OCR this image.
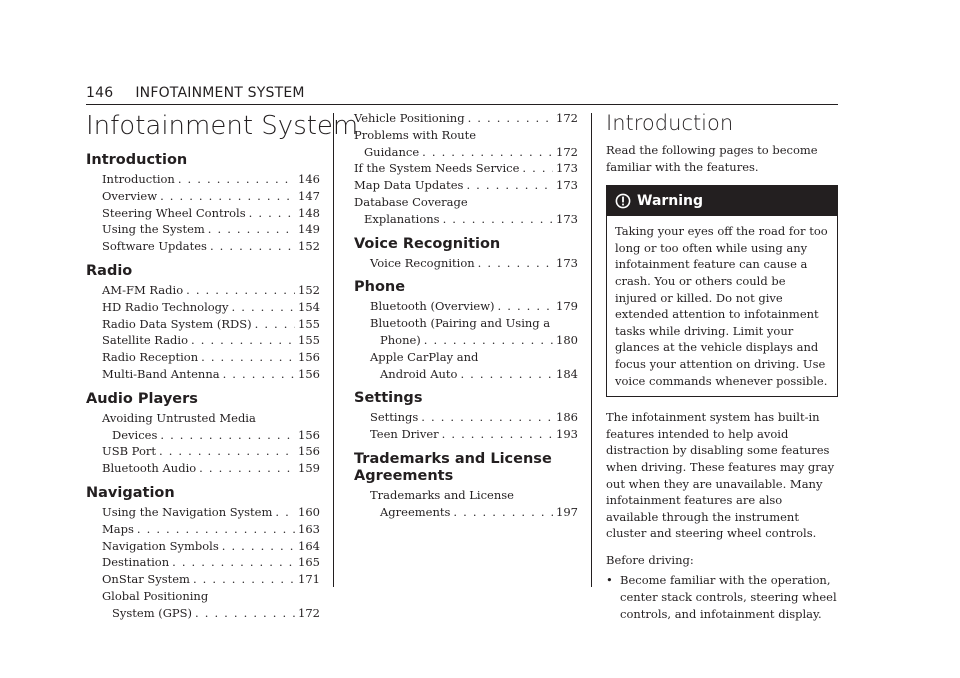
146 INFOTAINMENT SYSTEM
Infotainment System
Introduction
Introduction . . .	146
Overview . . .	147
Steering Wheel Controls . . .	148
Using the System . . .	149
Software Updates . . .	152
Radio
AM-FM Radio . . .	152
HD Radio Technology . . .	154
Radio Data System (RDS) . . .	155
Satellite Radio . . .	155
Radio Reception . . .	156
Multi-Band Antenna . . .	156
Audio Players
Avoiding Untrusted Media
Devices . . .	156
USB Port . . .	156
Bluetooth Audio . . .	159
Navigation
Using the Navigation System . . . 160
Maps . . .	163
Navigation Symbols . . .	164
Destination . . .	165
OnStar System . . .	171
Global Positioning
System (GPS) . . .	172
Vehicle Positioning . . .	172
Problems with Route
Guidance . . .	172
If the System Needs Service . . .	173
Map Data Updates . . .	173
Database Coverage
Explanations . . .	173
Voice Recognition
Voice Recognition . . .	173
Phone
Bluetooth (Overview) . . .	179
Bluetooth (Pairing and Using a
Phone) . . .	180
Apple CarPlay and
Android Auto . . .	184
Settings
Settings . . .	186
Teen Driver . . .	193
Trademarks and License
Agreements
Trademarks and License
Agreements . . .	197
Introduction

Read the following pages to become familiar with the features.

Warning
Taking your eyes off the road for too long or too often while using any infotainment feature can cause a crash. You or others could be injured or killed. Do not give extended attention to infotainment tasks while driving. Limit your glances at the vehicle displays and focus your attention on driving. Use voice commands whenever possible.

The infotainment system has built-in features intended to help avoid distraction by disabling some features when driving. These features may gray out when they are unavailable. Many infotainment features are also available through the instrument cluster and steering wheel controls.

Before driving:

• Become familiar with the operation, center stack controls, steering wheel controls, and infotainment display.
